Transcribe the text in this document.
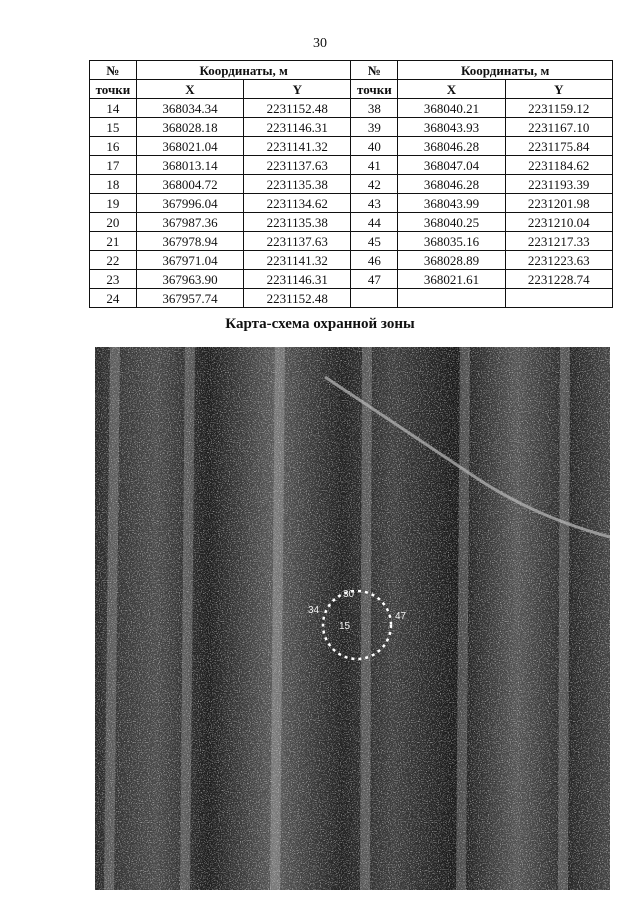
30
№	Координаты, м		№	Координаты, м	
точки	X	Y	точки	X	Y
14	368034.34	2231152.48	38	368040.21	2231159.12
15	368028.18	2231146.31	39	368043.93	2231167.10
16	368021.04	2231141.32	40	368046.28	2231175.84
17	368013.14	2231137.63	41	368047.04	2231184.62
18	368004.72	2231135.38	42	368046.28	2231193.39
19	367996.04	2231134.62	43	368043.99	2231201.98
20	367987.36	2231135.38	44	368040.25	2231210.04
21	367978.94	2231137.63	45	368035.16	2231217.33
22	367971.04	2231141.32	46	368028.89	2231223.63
23	367963.90	2231146.31	47	368021.61	2231228.74
24	367957.74	2231152.48			
Карта-схема охранной зоны
30
34
15
47
